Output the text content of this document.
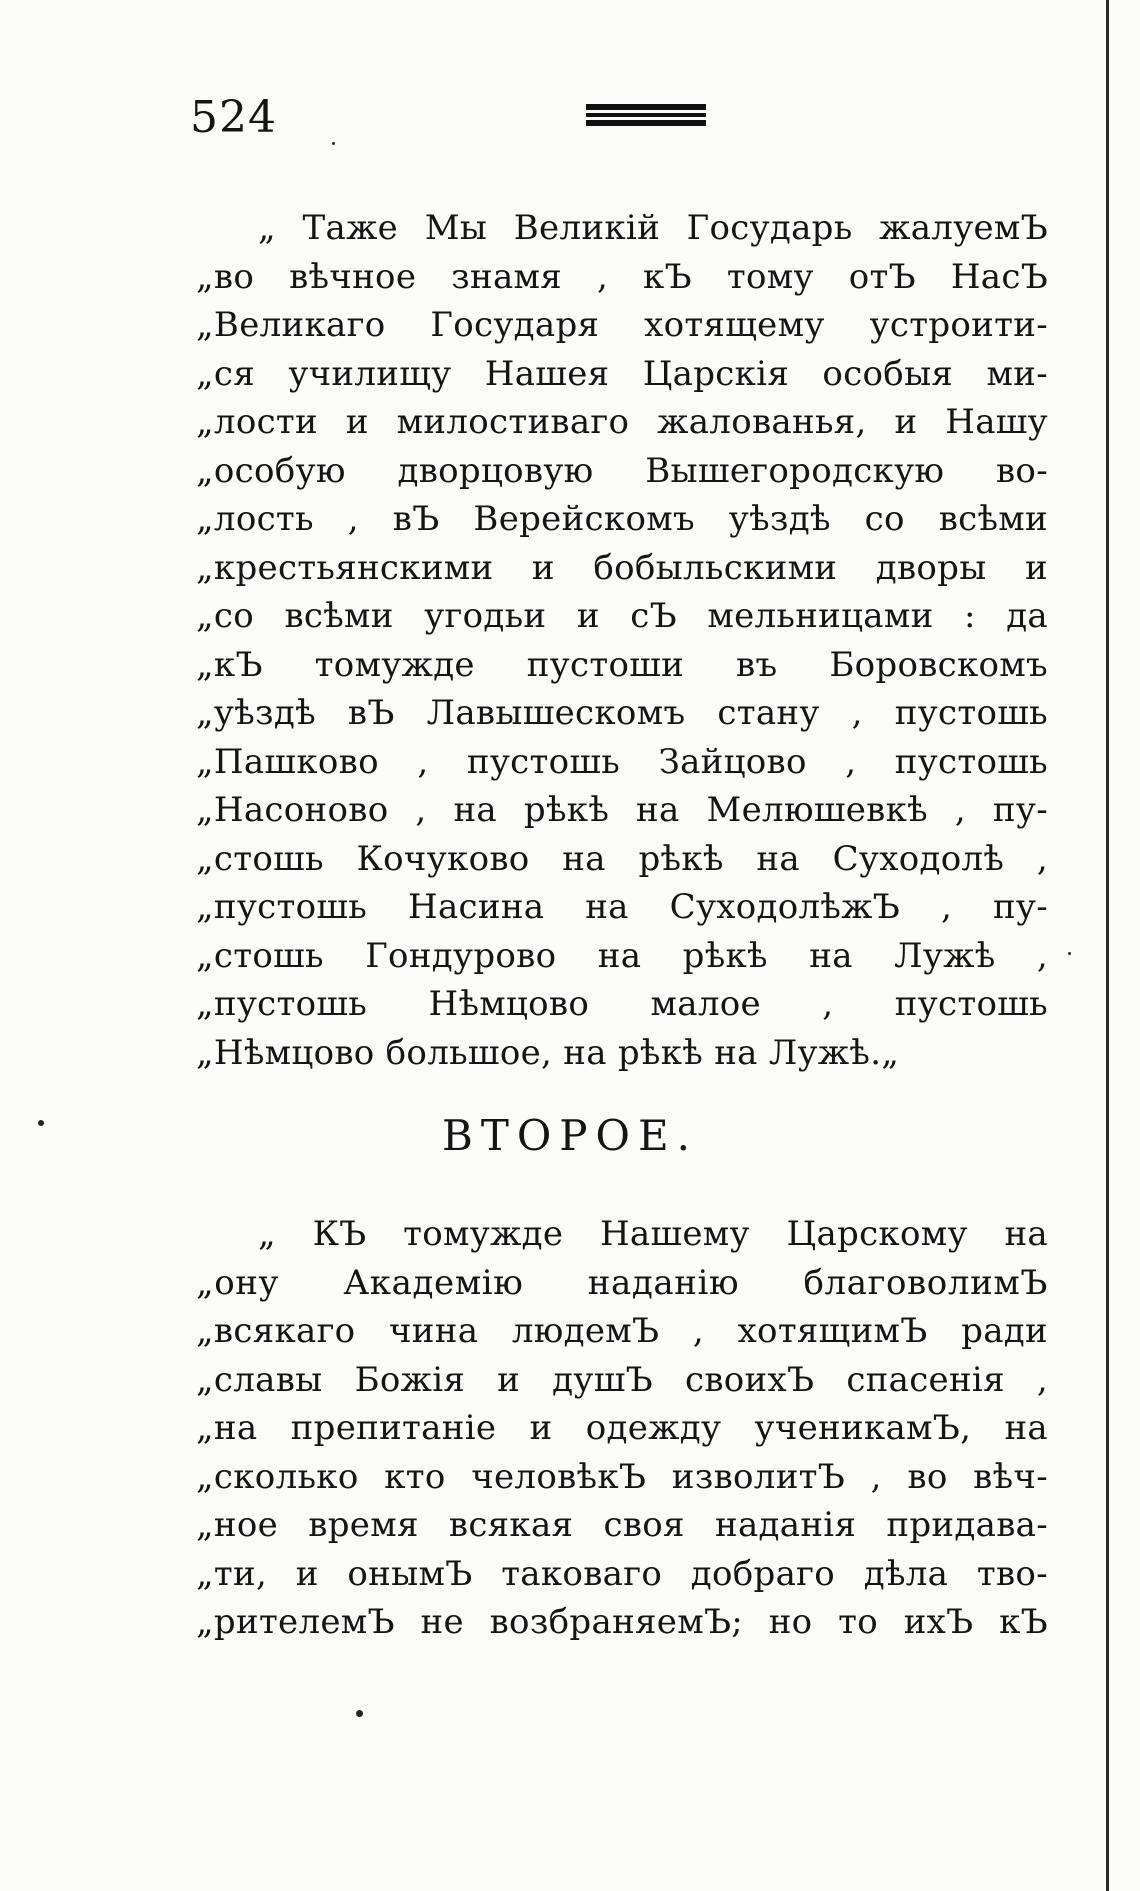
524
„ Таже Мы Великій Государь жалуемЪ
„во вѣчное знамя , кЪ тому отЪ НасЪ
„Великаго Государя хотящему устроити-
„ся училищу Нашея Царскія особыя ми-
„лости и милостиваго жалованья, и Нашу
„особую дворцовую Вышегородскую во-
„лость , вЪ Верейскомъ уѣздѣ со всѣми
„крестьянскими и бобыльскими дворы и
„со всѣми угодьи и сЪ мельницами : да
„кЪ томужде пустоши въ Боровскомъ
„уѣздѣ вЪ Лавышескомъ стану , пустошь
„Пашково , пустошь Зайцово , пустошь
„Насоново , на рѣкѣ на Мелюшевкѣ , пу-
„стошь Кочуково на рѣкѣ на Суходолѣ ,
„пустошь Насина на СуходолѣжЪ , пу-
„стошь Гондурово на рѣкѣ на Лужѣ ,
„пустошь Нѣмцово малое , пустошь
„Нѣмцово большое, на рѣкѣ на Лужѣ.„
ВТОРОЕ.
„ КЪ томужде Нашему Царскому на
„ону Академію наданію благоволимЪ
„всякаго чина людемЪ , хотящимЪ ради
„славы Божія и душЪ своихЪ спасенія ,
„на препитаніе и одежду ученикамЪ, на
„сколько кто человѣкЪ изволитЪ , во вѣч-
„ное время всякая своя наданія придава-
„ти, и онымЪ таковаго добраго дѣла тво-
„рителемЪ не возбраняемЪ; но то ихЪ кЪ
